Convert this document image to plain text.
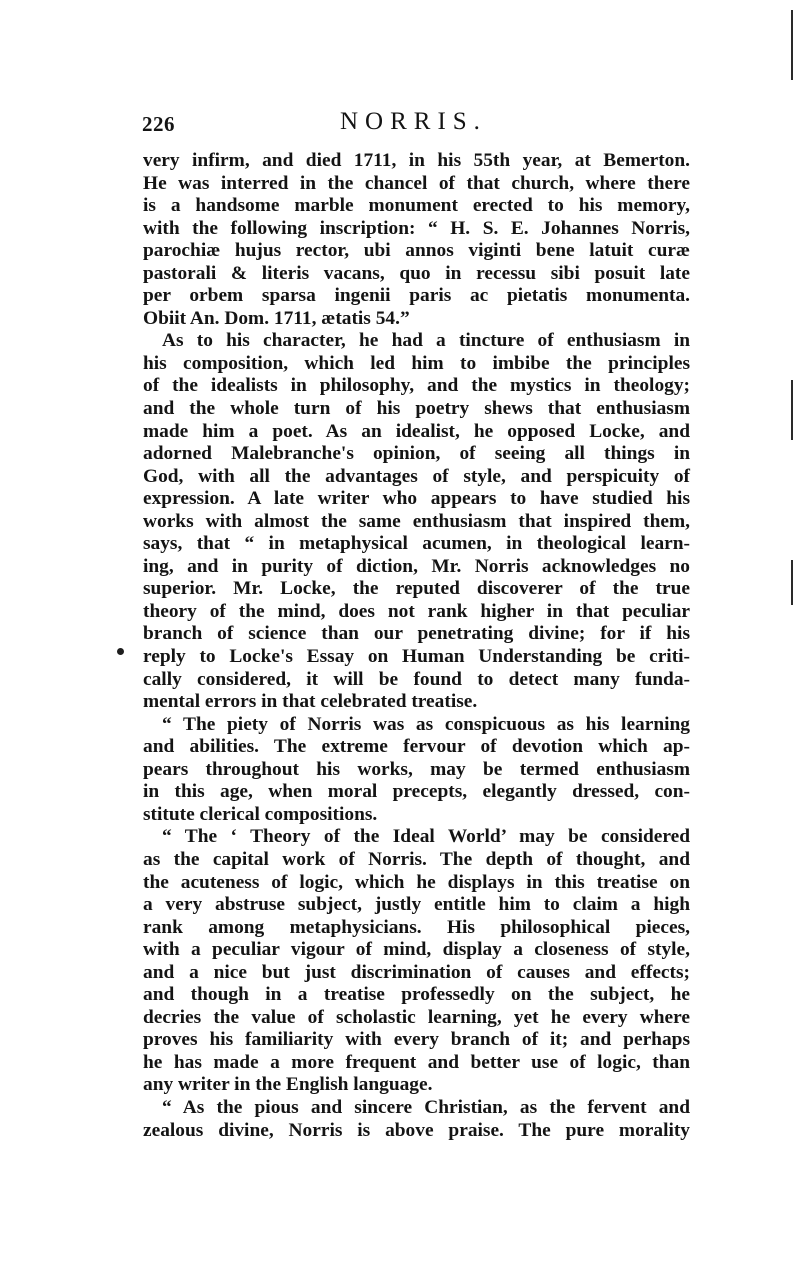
226	NORRIS.
very infirm, and died 1711, in his 55th year, at Bemerton.
He was interred in the chancel of that church, where there
is a handsome marble monument erected to his memory,
with the following inscription: “ H. S. E. Johannes Norris,
parochiæ hujus rector, ubi annos viginti bene latuit curæ
pastorali & literis vacans, quo in recessu sibi posuit late
per orbem sparsa ingenii paris ac pietatis monumenta.
Obiit An. Dom. 1711, ætatis 54.”
As to his character, he had a tincture of enthusiasm in
his composition, which led him to imbibe the principles
of the idealists in philosophy, and the mystics in theology;
and the whole turn of his poetry shews that enthusiasm
made him a poet. As an idealist, he opposed Locke, and
adorned Malebranche's opinion, of seeing all things in
God, with all the advantages of style, and perspicuity of
expression. A late writer who appears to have studied his
works with almost the same enthusiasm that inspired them,
says, that “ in metaphysical acumen, in theological learn-
ing, and in purity of diction, Mr. Norris acknowledges no
superior. Mr. Locke, the reputed discoverer of the true
theory of the mind, does not rank higher in that peculiar
branch of science than our penetrating divine; for if his
reply to Locke's Essay on Human Understanding be criti-
cally considered, it will be found to detect many funda-
mental errors in that celebrated treatise.
“ The piety of Norris was as conspicuous as his learning
and abilities. The extreme fervour of devotion which ap-
pears throughout his works, may be termed enthusiasm
in this age, when moral precepts, elegantly dressed, con-
stitute clerical compositions.
“ The ‘ Theory of the Ideal World’ may be considered
as the capital work of Norris. The depth of thought, and
the acuteness of logic, which he displays in this treatise on
a very abstruse subject, justly entitle him to claim a high
rank among metaphysicians. His philosophical pieces,
with a peculiar vigour of mind, display a closeness of style,
and a nice but just discrimination of causes and effects;
and though in a treatise professedly on the subject, he
decries the value of scholastic learning, yet he every where
proves his familiarity with every branch of it; and perhaps
he has made a more frequent and better use of logic, than
any writer in the English language.
“ As the pious and sincere Christian, as the fervent and
zealous divine, Norris is above praise. The pure morality
